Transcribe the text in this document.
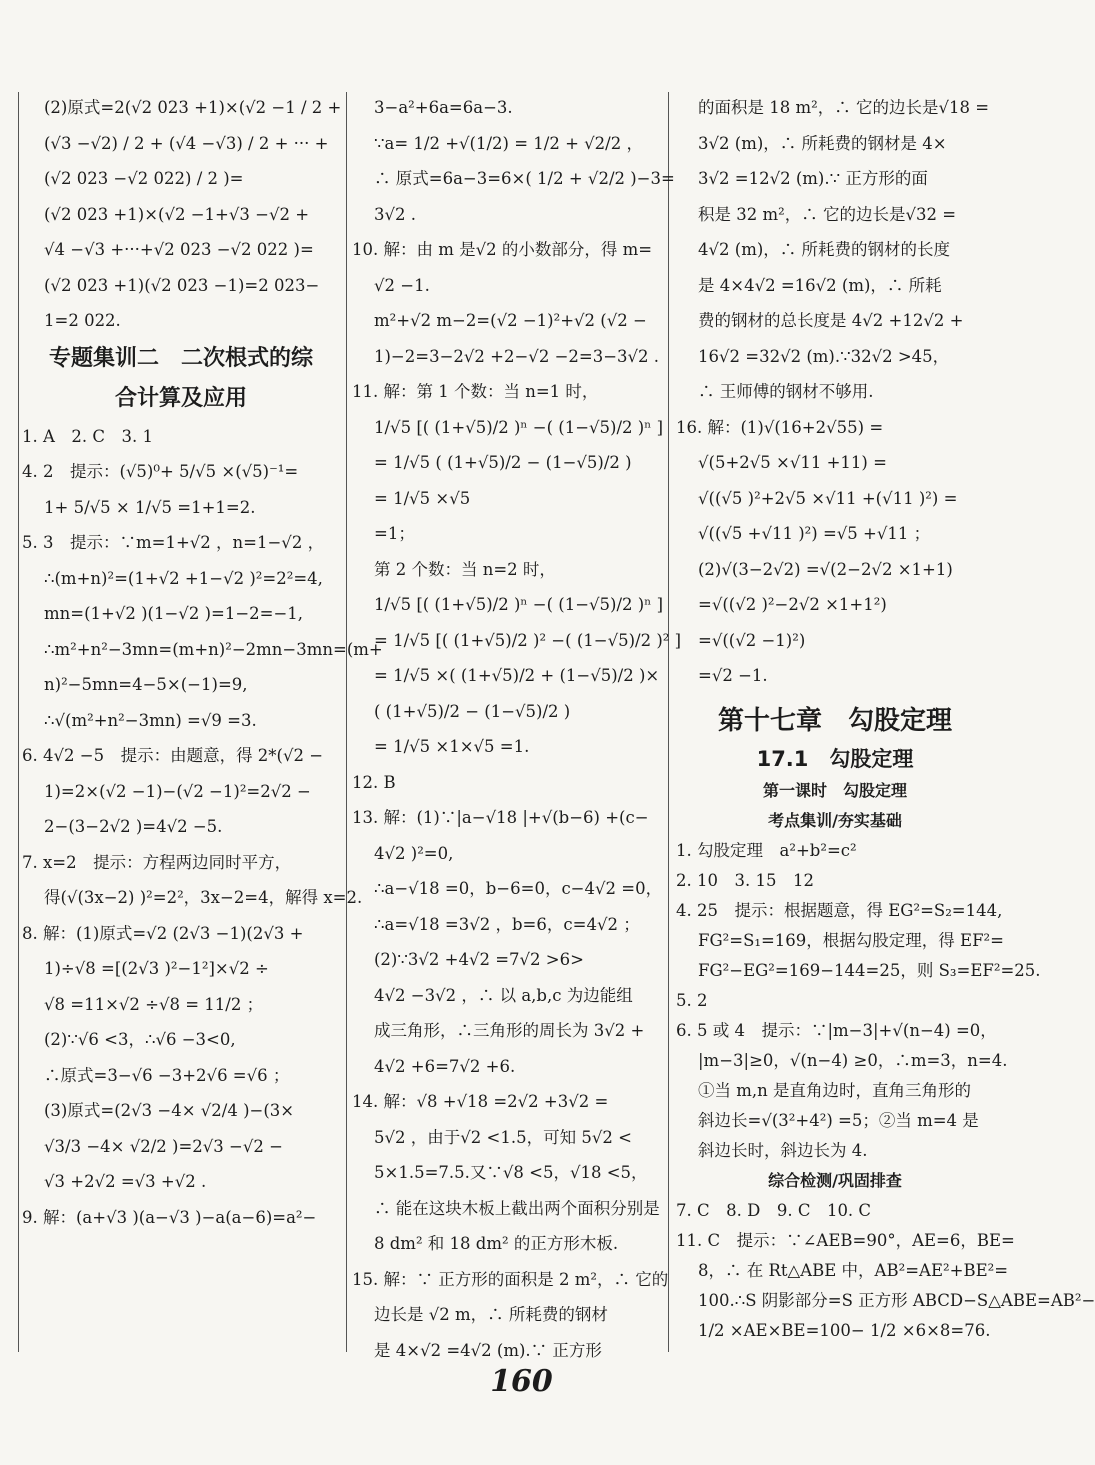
(2)原式=2(√2 023 +1)×(√2 −1 / 2 +
(√3 −√2) / 2 + (√4 −√3) / 2 + ··· +
(√2 023 −√2 022) / 2 )=
(√2 023 +1)×(√2 −1+√3 −√2 +
√4 −√3 +···+√2 023 −√2 022 )=
(√2 023 +1)(√2 023 −1)=2 023−
1=2 022.
专题集训二　二次根式的综
合计算及应用
1. A　2. C　3. 1
4. 2　提示：(√5)⁰+ 5/√5 ×(√5)⁻¹=
1+ 5/√5 × 1/√5 =1+1=2.
5. 3　提示：∵m=1+√2 ，n=1−√2 ，
∴(m+n)²=(1+√2 +1−√2 )²=2²=4,
mn=(1+√2 )(1−√2 )=1−2=−1,
∴m²+n²−3mn=(m+n)²−2mn−3mn=(m+
n)²−5mn=4−5×(−1)=9,
∴√(m²+n²−3mn) =√9 =3.
6. 4√2 −5　提示：由题意，得 2*(√2 −
1)=2×(√2 −1)−(√2 −1)²=2√2 −
2−(3−2√2 )=4√2 −5.
7. x=2　提示：方程两边同时平方，
得(√(3x−2) )²=2²，3x−2=4，解得 x=2.
8. 解：(1)原式=√2 (2√3 −1)(2√3 +
1)÷√8 =[(2√3 )²−1²]×√2 ÷
√8 =11×√2 ÷√8 = 11/2 ；
(2)∵√6 <3，∴√6 −3<0,
∴原式=3−√6 −3+2√6 =√6 ；
(3)原式=(2√3 −4× √2/4 )−(3×
√3/3 −4× √2/2 )=2√3 −√2 −
√3 +2√2 =√3 +√2 .
9. 解：(a+√3 )(a−√3 )−a(a−6)=a²−
3−a²+6a=6a−3.
∵a= 1/2 +√(1/2) = 1/2 + √2/2 ，
∴ 原式=6a−3=6×( 1/2 + √2/2 )−3=
3√2 .
10. 解：由 m 是√2 的小数部分，得 m=
√2 −1.
m²+√2 m−2=(√2 −1)²+√2 (√2 −
1)−2=3−2√2 +2−√2 −2=3−3√2 .
11. 解：第 1 个数：当 n=1 时，
1/√5 [( (1+√5)/2 )ⁿ −( (1−√5)/2 )ⁿ ]
= 1/√5 ( (1+√5)/2 − (1−√5)/2 )
= 1/√5 ×√5
=1；
第 2 个数：当 n=2 时，
1/√5 [( (1+√5)/2 )ⁿ −( (1−√5)/2 )ⁿ ]
= 1/√5 [( (1+√5)/2 )² −( (1−√5)/2 )² ]
= 1/√5 ×( (1+√5)/2 + (1−√5)/2 )×
( (1+√5)/2 − (1−√5)/2 )
= 1/√5 ×1×√5 =1.
12. B
13. 解：(1)∵|a−√18 |+√(b−6) +(c−
4√2 )²=0,
∴a−√18 =0，b−6=0，c−4√2 =0，
∴a=√18 =3√2 ，b=6，c=4√2 ；
(2)∵3√2 +4√2 =7√2 >6>
4√2 −3√2 ，∴ 以 a,b,c 为边能组
成三角形，∴三角形的周长为 3√2 +
4√2 +6=7√2 +6.
14. 解：√8 +√18 =2√2 +3√2 =
5√2 ，由于√2 <1.5，可知 5√2 <
5×1.5=7.5.又∵√8 <5，√18 <5，
∴ 能在这块木板上截出两个面积分别是
8 dm² 和 18 dm² 的正方形木板.
15. 解：∵ 正方形的面积是 2 m²，∴ 它的
边长是 √2 m，∴ 所耗费的钢材
是 4×√2 =4√2 (m).∵ 正方形
的面积是 18 m²，∴ 它的边长是√18 =
3√2 (m)，∴ 所耗费的钢材是 4×
3√2 =12√2 (m).∵ 正方形的面
积是 32 m²，∴ 它的边长是√32 =
4√2 (m)，∴ 所耗费的钢材的长度
是 4×4√2 =16√2 (m)，∴ 所耗
费的钢材的总长度是 4√2 +12√2 +
16√2 =32√2 (m).∵32√2 >45，
∴ 王师傅的钢材不够用.
16. 解：(1)√(16+2√55) =
√(5+2√5 ×√11 +11) =
√((√5 )²+2√5 ×√11 +(√11 )²) =
√((√5 +√11 )²) =√5 +√11 ；
(2)√(3−2√2) =√(2−2√2 ×1+1)
=√((√2 )²−2√2 ×1+1²)
=√((√2 −1)²)
=√2 −1.
第十七章　勾股定理
17.1　勾股定理
第一课时　勾股定理
考点集训/夯实基础
1. 勾股定理　a²+b²=c²
2. 10　3. 15　12
4. 25　提示：根据题意，得 EG²=S₂=144,
FG²=S₁=169，根据勾股定理，得 EF²=
FG²−EG²=169−144=25，则 S₃=EF²=25.
5. 2
6. 5 或 4　提示：∵|m−3|+√(n−4) =0，
|m−3|≥0，√(n−4) ≥0，∴m=3，n=4.
①当 m,n 是直角边时，直角三角形的
斜边长=√(3²+4²) =5；②当 m=4 是
斜边长时，斜边长为 4.
综合检测/巩固排查
7. C　8. D　9. C　10. C
11. C　提示：∵∠AEB=90°，AE=6，BE=
8，∴ 在 Rt△ABE 中，AB²=AE²+BE²=
100.∴S 阴影部分=S 正方形 ABCD−S△ABE=AB²−
1/2 ×AE×BE=100− 1/2 ×6×8=76.
160
